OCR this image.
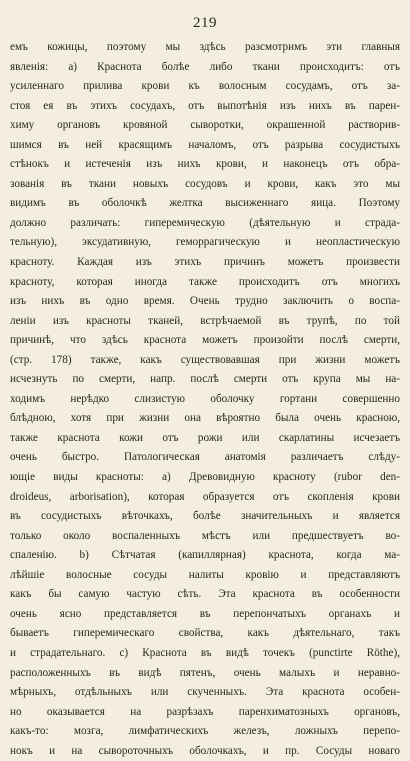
219
емъ кожицы, поэтому мы здѣсь разсмотримъ эти главныя
явленія: а) Краснота болѣе либо ткани происходитъ: отъ
усиленнаго прилива крови къ волосным сосудамъ, отъ за-
стоя ея въ этихъ сосудахъ, отъ выпотѣнія изъ нихъ въ парен-
химу органовъ кровяной сыворотки, окрашенной растворив-
шимся въ ней красящимъ началомъ, отъ разрыва сосудистыхъ
стѣнокъ и истеченія изъ нихъ крови, и наконецъ отъ обра-
зованія въ ткани новыхъ сосудовъ и крови, какъ это мы
видимъ въ оболочкѣ желтка высиженнаго яица. Поэтому
должно различать: гиперемическую (дѣятельную и страда-
тельную), эксудативную, геморрагическую и неопластическую
красноту. Каждая изъ этихъ причинъ можетъ произвести
красноту, которая иногда также происходитъ отъ многихъ
изъ нихъ въ одно время. Очень трудно заключить о воспа-
леніи изъ красноты тканей, встрѣчаемой въ трупѣ, по той
причинѣ, что здѣсь краснота можетъ произойти послѣ смерти,
(стр. 178) также, какъ существовавшая при жизни можетъ
исчезнуть по смерти, напр. послѣ смерти отъ крупа мы на-
ходимъ нерѣдко слизистую оболочку гортани совершенно
блѣдною, хотя при жизни она вѣроятно была очень красною,
также краснота кожи отъ рожи или скарлатины исчезаетъ
очень быстро. Патологическая анатомія различаетъ слѣду-
ющіе виды красноты: а) Древовидную красноту (rubor den-
droideus, arborisation), которая образуется отъ скопленія крови
въ сосудистыхъ вѣточкахъ, болѣе значительныхъ и является
только около воспаленныхъ мѣстъ или предшествуетъ во-
спаленію. b) Сѣтчатая (капиллярная) краснота, когда ма-
лѣйшіе волосные сосуды налиты кровію и представляютъ
какъ бы самую частую сѣть. Эта краснота въ особенности
очень ясно представляется въ перепончатыхъ органахъ и
бываетъ гиперемическаго свойства, какъ дѣятельнаго, такъ
и страдательнаго. с) Краснота въ видѣ точекъ (punctirte Röthe),
расположенныхъ въ видѣ пятенъ, очень малыхъ и неравно-
мѣрныхъ, отдѣльныхъ или скученныхъ. Эта краснота особен-
но оказывается на разрѣзахъ паренхиматозныхъ органовъ,
какъ-то: мозга, лимфатическихъ железъ, ложныхъ перепо-
нокъ и на сывороточныхъ оболочкахъ, и пр. Сосуды новаго
